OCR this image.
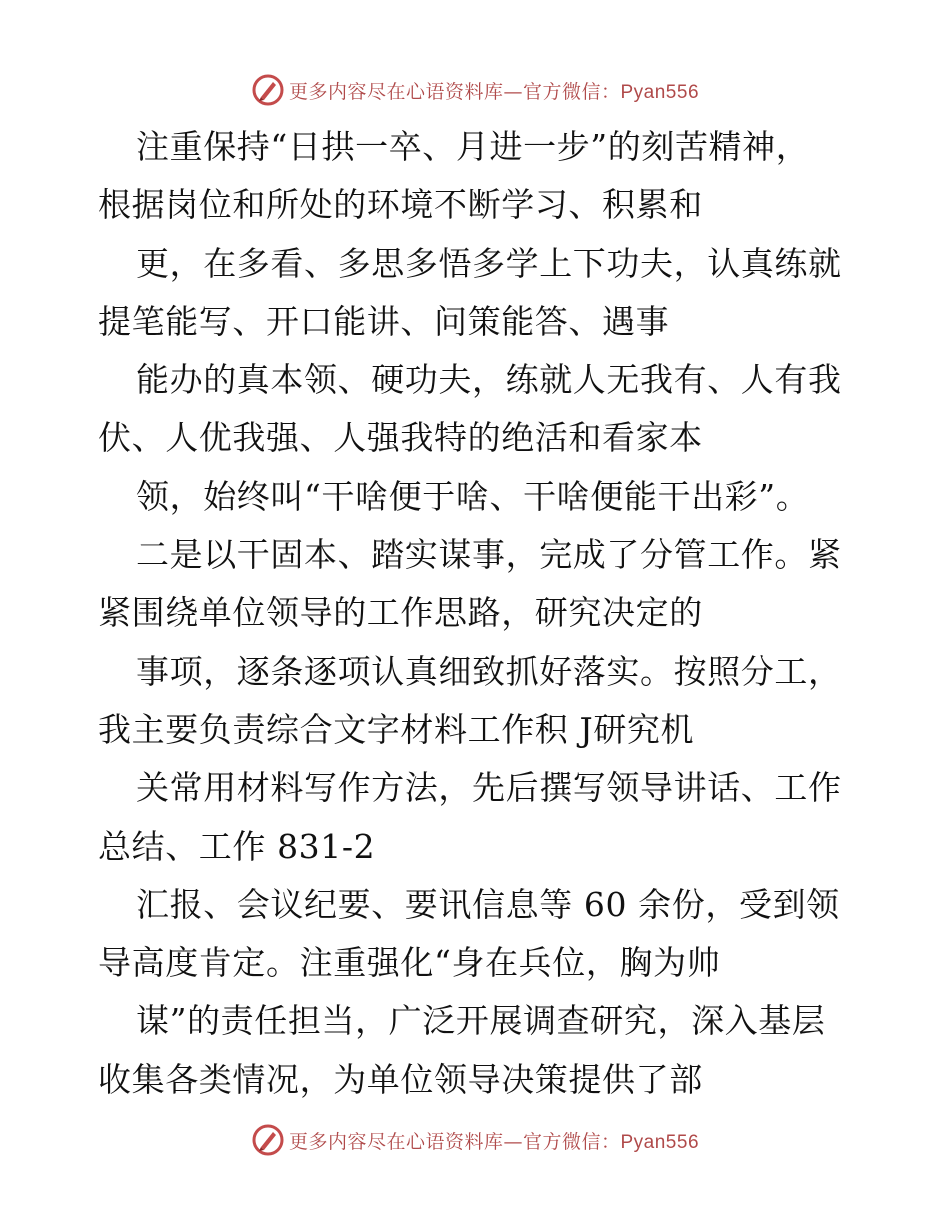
更多内容尽在心语资料库—官方微信：Pyan556
注重保持“日拱一卒、月进一步”的刻苦精神，
根据岗位和所处的环境不断学习、积累和
更，在多看、多思多悟多学上下功夫，认真练就
提笔能写、开口能讲、问策能答、遇事
能办的真本领、硬功夫，练就人无我有、人有我
伏、人优我强、人强我特的绝活和看家本
领，始终叫“干啥便于啥、干啥便能干出彩”。
二是以干固本、踏实谋事，完成了分管工作。紧
紧围绕单位领导的工作思路，研究决定的
事项，逐条逐项认真细致抓好落实。按照分工，
我主要负责综合文字材料工作积 J研究机
关常用材料写作方法，先后撰写领导讲话、工作
总结、工作 831-2
汇报、会议纪要、要讯信息等 60 余份，受到领
导高度肯定。注重强化“身在兵位，胸为帅
谋”的责任担当，广泛开展调查研究，深入基层
收集各类情况，为单位领导决策提供了部
更多内容尽在心语资料库—官方微信：Pyan556
